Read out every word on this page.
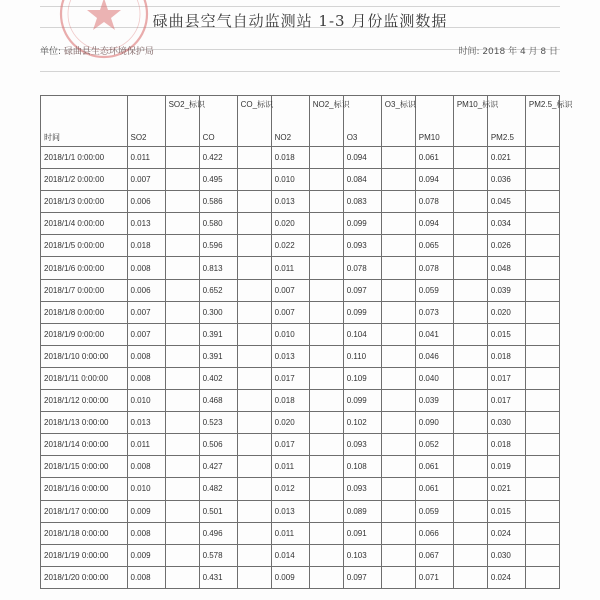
碌曲县空气自动监测站 1-3 月份监测数据
单位: 碌曲县生态环境保护局	时间: 2018 年 4 月 8 日
时间	SO2	SO2_标识	CO	CO_标识	NO2	NO2_标识	O3	O3_标识	PM10	PM10_标识	PM2.5	PM2.5_标识
2018/1/1 0:00:00	0.011		0.422		0.018		0.094		0.061		0.021	
2018/1/2 0:00:00	0.007		0.495		0.010		0.084		0.094		0.036	
2018/1/3 0:00:00	0.006		0.586		0.013		0.083		0.078		0.045	
2018/1/4 0:00:00	0.013		0.580		0.020		0.099		0.094		0.034	
2018/1/5 0:00:00	0.018		0.596		0.022		0.093		0.065		0.026	
2018/1/6 0:00:00	0.008		0.813		0.011		0.078		0.078		0.048	
2018/1/7 0:00:00	0.006		0.652		0.007		0.097		0.059		0.039	
2018/1/8 0:00:00	0.007		0.300		0.007		0.099		0.073		0.020	
2018/1/9 0:00:00	0.007		0.391		0.010		0.104		0.041		0.015	
2018/1/10 0:00:00	0.008		0.391		0.013		0.110		0.046		0.018	
2018/1/11 0:00:00	0.008		0.402		0.017		0.109		0.040		0.017	
2018/1/12 0:00:00	0.010		0.468		0.018		0.099		0.039		0.017	
2018/1/13 0:00:00	0.013		0.523		0.020		0.102		0.090		0.030	
2018/1/14 0:00:00	0.011		0.506		0.017		0.093		0.052		0.018	
2018/1/15 0:00:00	0.008		0.427		0.011		0.108		0.061		0.019	
2018/1/16 0:00:00	0.010		0.482		0.012		0.093		0.061		0.021	
2018/1/17 0:00:00	0.009		0.501		0.013		0.089		0.059		0.015	
2018/1/18 0:00:00	0.008		0.496		0.011		0.091		0.066		0.024	
2018/1/19 0:00:00	0.009		0.578		0.014		0.103		0.067		0.030	
2018/1/20 0:00:00	0.008		0.431		0.009		0.097		0.071		0.024	
